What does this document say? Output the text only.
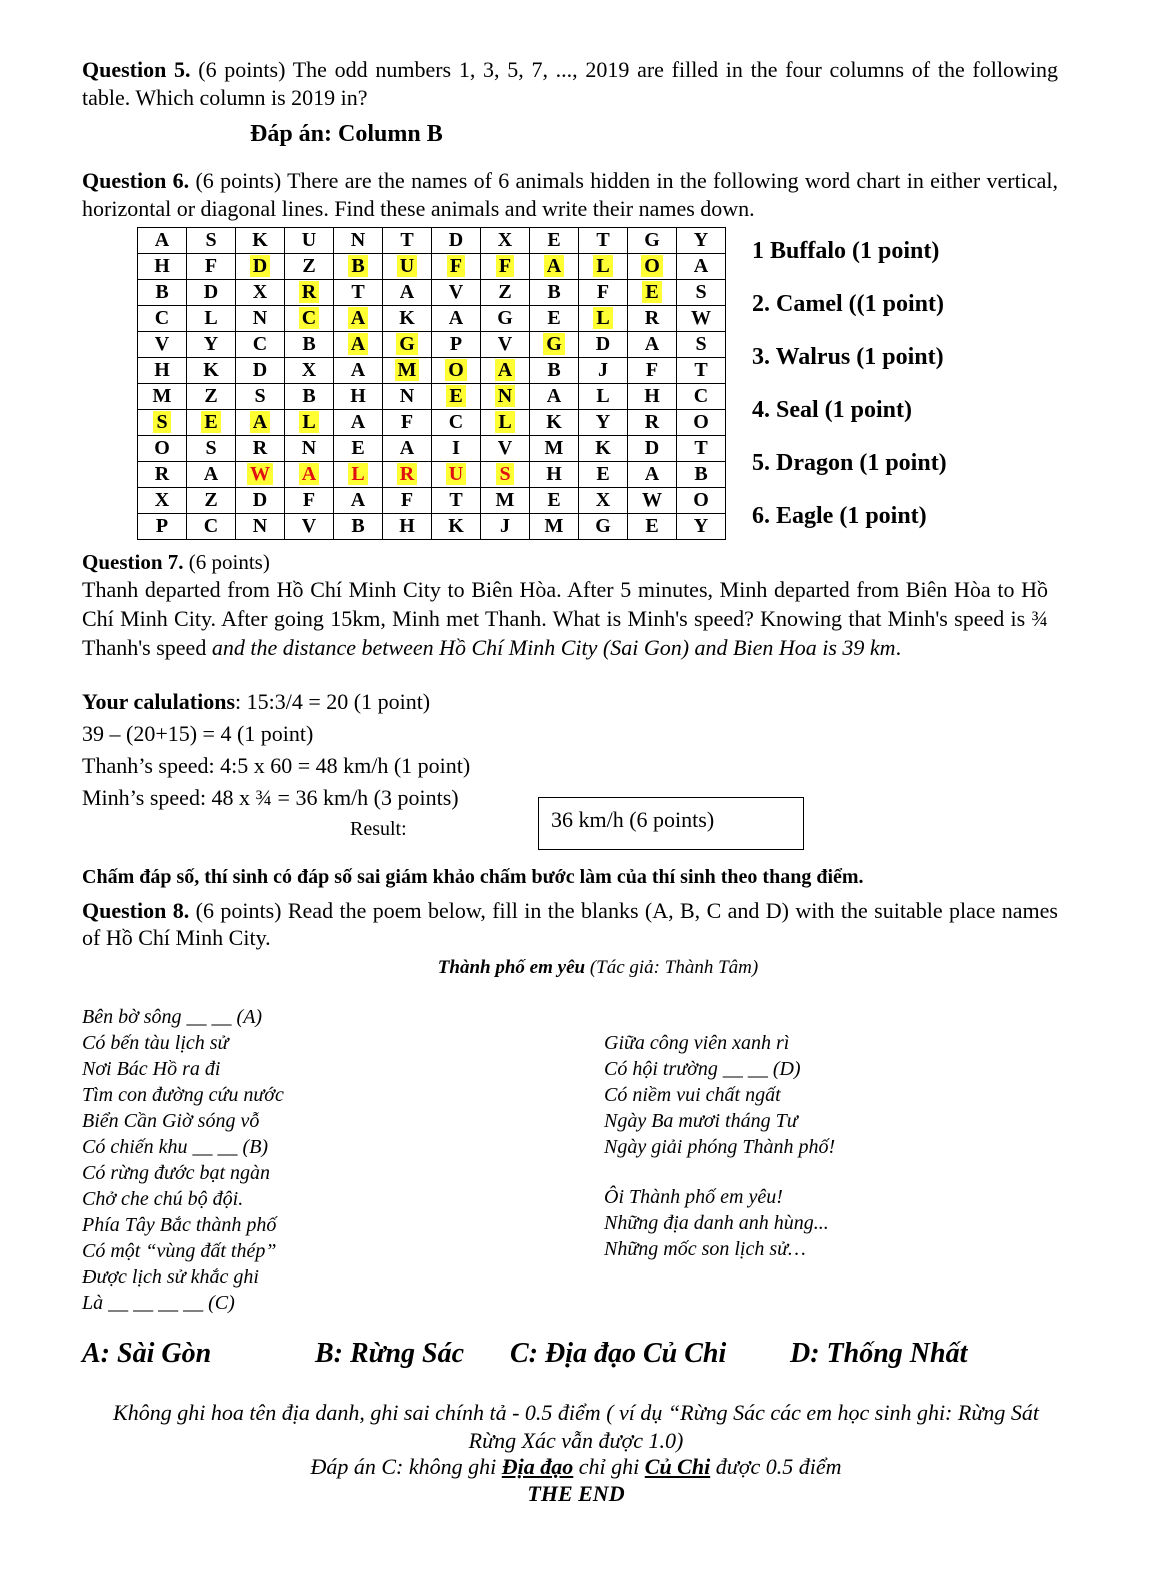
Question 5. (6 points) The odd numbers 1, 3, 5, 7, ..., 2019 are filled in the four columns of the following table. Which column is 2019 in?
Đáp án: Column B
Question 6. (6 points) There are the names of 6 animals hidden in the following word chart in either vertical, horizontal or diagonal lines. Find these animals and write their names down.
A	S	K	U	N	T	D	X	E	T	G	Y
H	F	D	Z	B	U	F	F	A	L	O	A
B	D	X	R	T	A	V	Z	B	F	E	S
C	L	N	C	A	K	A	G	E	L	R	W
V	Y	C	B	A	G	P	V	G	D	A	S
H	K	D	X	A	M	O	A	B	J	F	T
M	Z	S	B	H	N	E	N	A	L	H	C
S	E	A	L	A	F	C	L	K	Y	R	O
O	S	R	N	E	A	I	V	M	K	D	T
R	A	W	A	L	R	U	S	H	E	A	B
X	Z	D	F	A	F	T	M	E	X	W	O
P	C	N	V	B	H	K	J	M	G	E	Y
1 Buffalo (1 point)
2. Camel ((1 point)
3. Walrus (1 point)
4. Seal (1 point)
5. Dragon (1 point)
6. Eagle (1 point)
Question 7. (6 points)
Thanh departed from Hồ Chí Minh City to Biên Hòa. After 5 minutes, Minh departed from Biên Hòa to Hồ Chí Minh City. After going 15km, Minh met Thanh. What is Minh's speed? Knowing that Minh's speed is ¾ Thanh's speed and the distance between Hồ Chí Minh City (Sai Gon) and Bien Hoa is 39 km.
Your calulations: 15:3/4 = 20 (1 point)
39 – (20+15) = 4 (1 point)
Thanh’s speed: 4:5 x 60 = 48 km/h (1 point)
Minh’s speed: 48 x ¾ = 36 km/h (3 points)
Result:	36 km/h (6 points)
Chấm đáp số, thí sinh có đáp số sai giám khảo chấm bước làm của thí sinh theo thang điểm.
Question 8. (6 points) Read the poem below, fill in the blanks (A, B, C and D) with the suitable place names of Hồ Chí Minh City.
Thành phố em yêu (Tác giả: Thành Tâm)
Bên bờ sông __ __ (A)
Có bến tàu lịch sử
Nơi Bác Hồ ra đi
Tìm con đường cứu nước
Biển Cần Giờ sóng vỗ
Có chiến khu __ __ (B)
Có rừng đước bạt ngàn
Chở che chú bộ đội.
Phía Tây Bắc thành phố
Có một “vùng đất thép”
Được lịch sử khắc ghi
Là __ __ __ __ (C)
Giữa công viên xanh rì
Có hội trường __ __ (D)
Có niềm vui chất ngất
Ngày Ba mươi tháng Tư
Ngày giải phóng Thành phố!
Ôi Thành phố em yêu!
Những địa danh anh hùng...
Những mốc son lịch sử…
A: Sài Gòn	B: Rừng Sác C: Địa đạo Củ Chi D: Thống Nhất
Không ghi hoa tên địa danh, ghi sai chính tả - 0.5 điểm ( ví dụ “Rừng Sác các em học sinh ghi: Rừng Sát Rừng Xác vẫn được 1.0)
Đáp án C: không ghi Địa đạo chỉ ghi Củ Chi được 0.5 điểm
THE END
